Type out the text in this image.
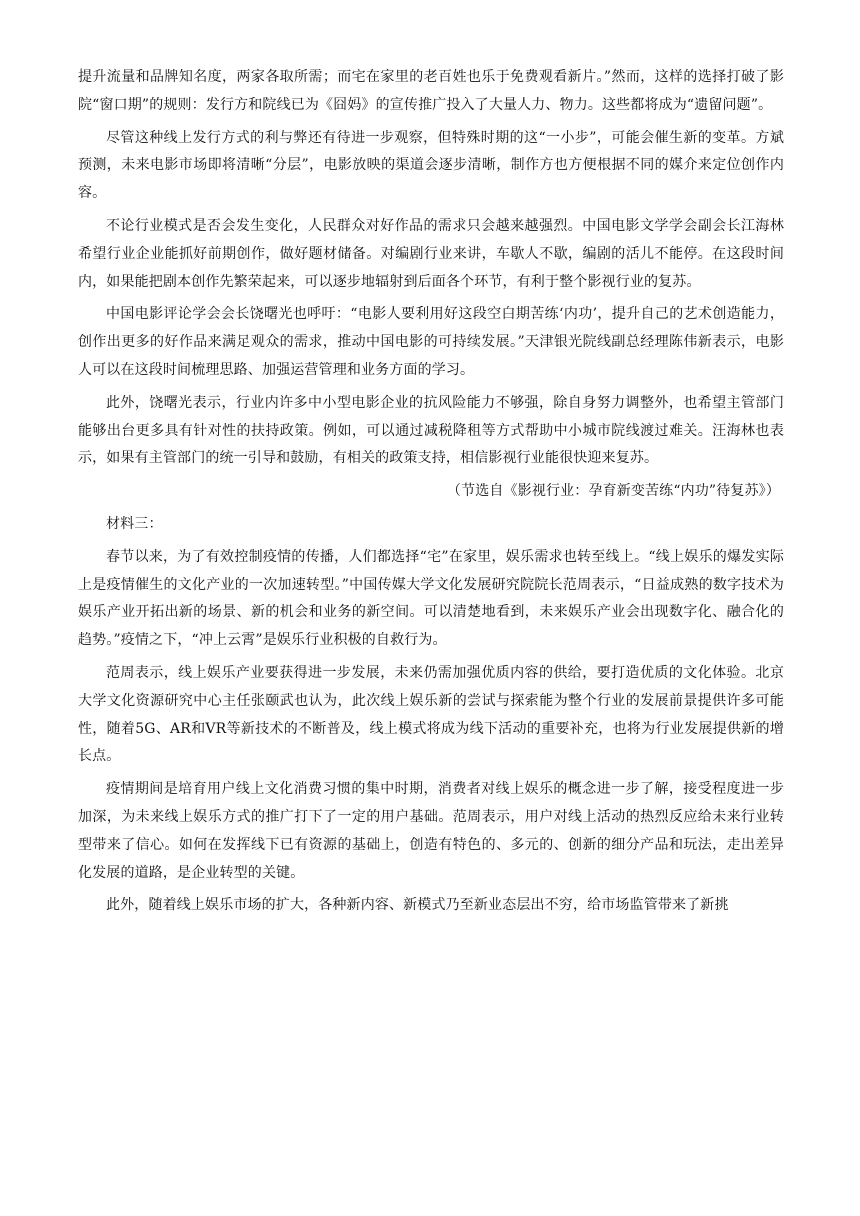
提升流量和品牌知名度，两家各取所需；而宅在家里的老百姓也乐于免费观看新片。”然而，这样的选择打破了影院“窗口期”的规则：发行方和院线已为《囧妈》的宣传推广投入了大量人力、物力。这些都将成为“遗留问题”。

尽管这种线上发行方式的利与弊还有待进一步观察，但特殊时期的这“一小步”，可能会催生新的变革。方斌预测，未来电影市场即将清晰“分层”，电影放映的渠道会逐步清晰，制作方也方便根据不同的媒介来定位创作内容。

不论行业模式是否会发生变化，人民群众对好作品的需求只会越来越强烈。中国电影文学学会副会长江海林希望行业企业能抓好前期创作，做好题材储备。对编剧行业来讲，车歇人不歇，编剧的活儿不能停。在这段时间内，如果能把剧本创作先繁荣起来，可以逐步地辐射到后面各个环节，有利于整个影视行业的复苏。

中国电影评论学会会长饶曙光也呼吁：“电影人要利用好这段空白期苦练‘内功’，提升自己的艺术创造能力，创作出更多的好作品来满足观众的需求，推动中国电影的可持续发展。”天津银光院线副总经理陈伟新表示，电影人可以在这段时间梳理思路、加强运营管理和业务方面的学习。

此外，饶曙光表示，行业内许多中小型电影企业的抗风险能力不够强，除自身努力调整外，也希望主管部门能够出台更多具有针对性的扶持政策。例如，可以通过减税降租等方式帮助中小城市院线渡过难关。汪海林也表示，如果有主管部门的统一引导和鼓励，有相关的政策支持，相信影视行业能很快迎来复苏。

（节选自《影视行业：孕育新变苦练“内功”待复苏》）

材料三：

春节以来，为了有效控制疫情的传播，人们都选择“宅”在家里，娱乐需求也转至线上。“线上娱乐的爆发实际上是疫情催生的文化产业的一次加速转型。”中国传媒大学文化发展研究院院长范周表示，“日益成熟的数字技术为娱乐产业开拓出新的场景、新的机会和业务的新空间。可以清楚地看到，未来娱乐产业会出现数字化、融合化的趋势。”疫情之下，“冲上云霄”是娱乐行业积极的自救行为。

范周表示，线上娱乐产业要获得进一步发展，未来仍需加强优质内容的供给，要打造优质的文化体验。北京大学文化资源研究中心主任张颐武也认为，此次线上娱乐新的尝试与探索能为整个行业的发展前景提供许多可能性，随着5G、AR和VR等新技术的不断普及，线上模式将成为线下活动的重要补充，也将为行业发展提供新的增长点。

疫情期间是培育用户线上文化消费习惯的集中时期，消费者对线上娱乐的概念进一步了解，接受程度进一步加深，为未来线上娱乐方式的推广打下了一定的用户基础。范周表示，用户对线上活动的热烈反应给未来行业转型带来了信心。如何在发挥线下已有资源的基础上，创造有特色的、多元的、创新的细分产品和玩法，走出差异化发展的道路，是企业转型的关键。

此外，随着线上娱乐市场的扩大，各种新内容、新模式乃至新业态层出不穷，给市场监管带来了新挑
